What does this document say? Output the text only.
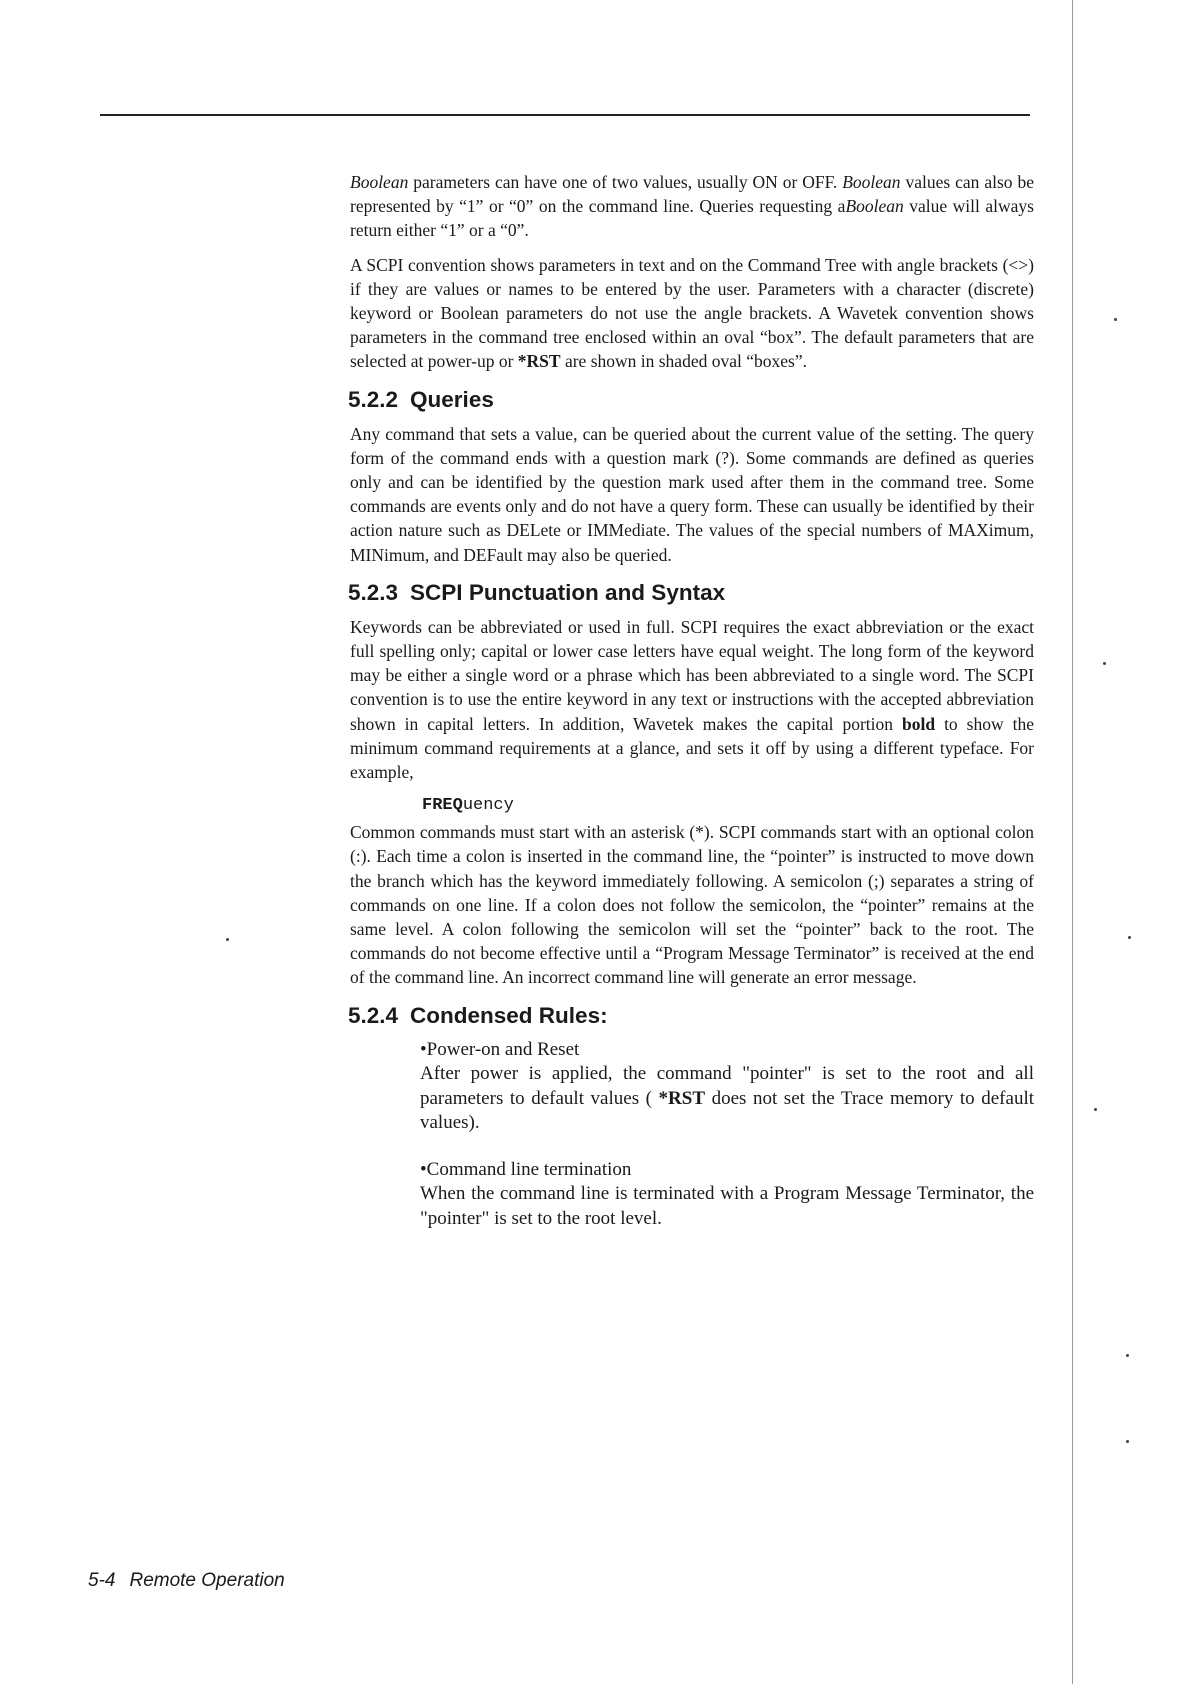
Boolean parameters can have one of two values, usually ON or OFF. Boolean values can also be represented by “1” or “0” on the command line. Queries requesting aBoolean value will always return either “1” or a “0”.

A SCPI convention shows parameters in text and on the Command Tree with angle brackets (<>) if they are values or names to be entered by the user. Parameters with a character (discrete) keyword or Boolean parameters do not use the angle brackets. A Wavetek convention shows parameters in the command tree enclosed within an oval “box”. The default parameters that are selected at power-up or *RST are shown in shaded oval “boxes”.

5.2.2 Queries

Any command that sets a value, can be queried about the current value of the setting. The query form of the command ends with a question mark (?). Some commands are defined as queries only and can be identified by the question mark used after them in the command tree. Some commands are events only and do not have a query form. These can usually be identified by their action nature such as DELete or IMMediate. The values of the special numbers of MAXimum, MINimum, and DEFault may also be queried.

5.2.3 SCPI Punctuation and Syntax

Keywords can be abbreviated or used in full. SCPI requires the exact abbreviation or the exact full spelling only; capital or lower case letters have equal weight. The long form of the keyword may be either a single word or a phrase which has been abbreviated to a single word. The SCPI convention is to use the entire keyword in any text or instructions with the accepted abbreviation shown in capital letters. In addition, Wavetek makes the capital portion bold to show the minimum command requirements at a glance, and sets it off by using a different typeface. For example,

FREQuency

Common commands must start with an asterisk (*). SCPI commands start with an optional colon (:). Each time a colon is inserted in the command line, the “pointer” is instructed to move down the branch which has the keyword immediately following. A semicolon (;) separates a string of commands on one line. If a colon does not follow the semicolon, the “pointer” remains at the same level. A colon following the semicolon will set the “pointer” back to the root. The commands do not become effective until a “Program Message Terminator” is received at the end of the command line. An incorrect command line will generate an error message.

5.2.4 Condensed Rules:
•Power-on and Reset
After power is applied, the command "pointer" is set to the root and all parameters to default values ( *RST does not set the Trace memory to default values).
•Command line termination
When the command line is terminated with a Program Message Terminator, the "pointer" is set to the root level.
5-4 Remote Operation
